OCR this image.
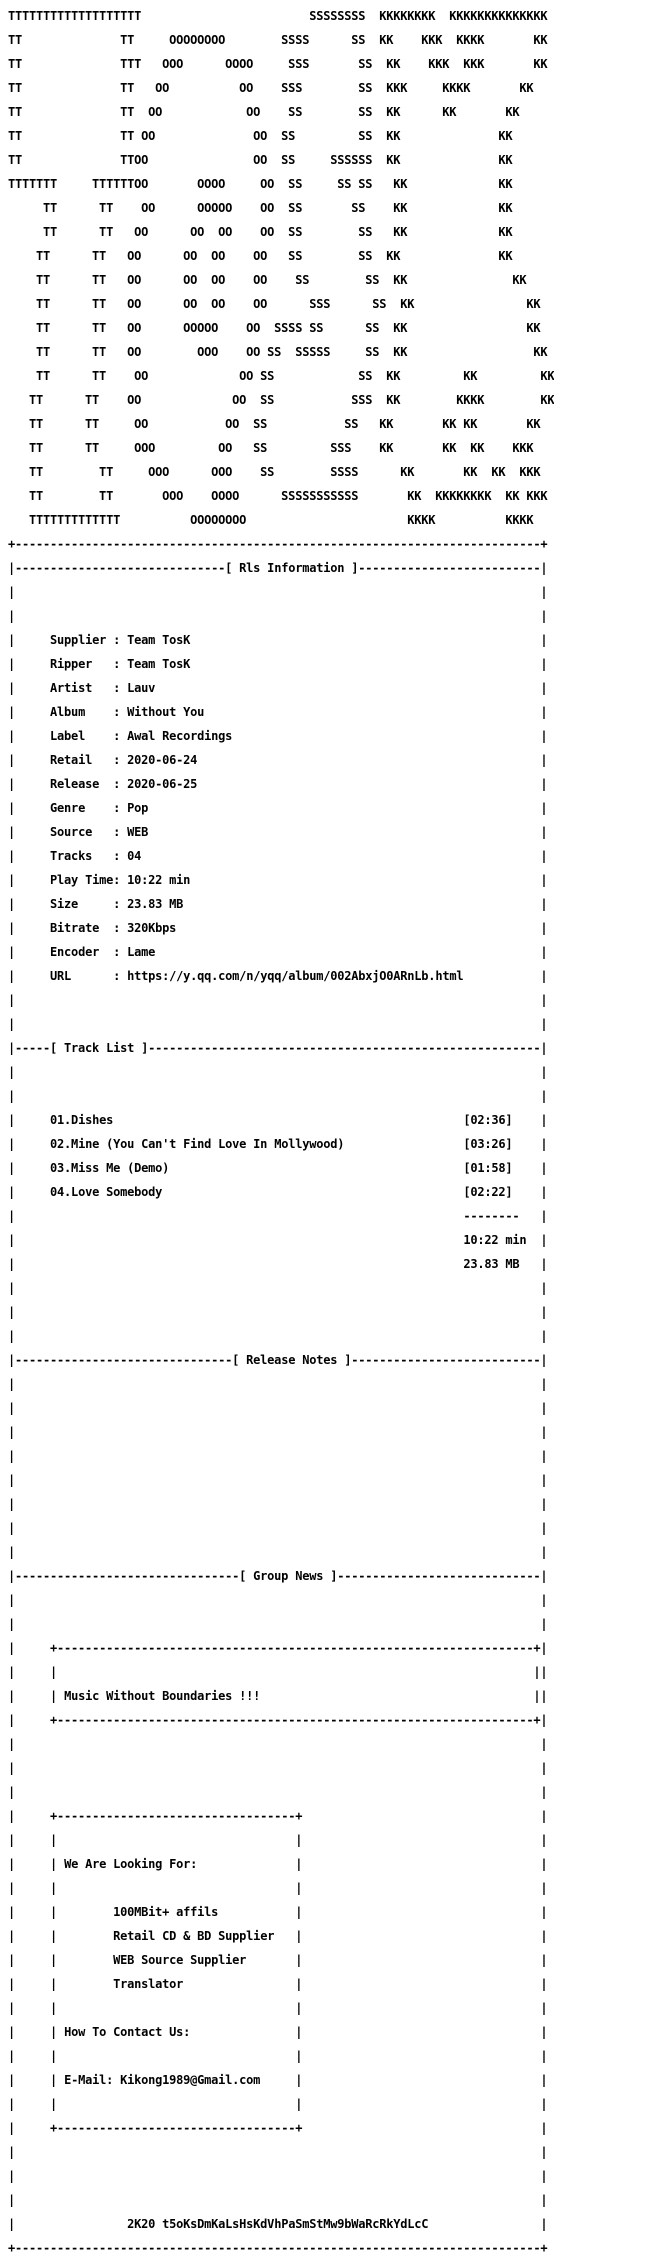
TTTTTTTTTTTTTTTTTTT                        SSSSSSSS  KKKKKKKK  KKKKKKKKKKKKKK

TT              TT     OOOOOOOO        SSSS      SS  KK    KKK  KKKK       KK

TT              TTT   OOO      OOOO     SSS       SS  KK    KKK  KKK       KK

TT              TT   OO          OO    SSS        SS  KKK     KKKK       KK

TT              TT  OO            OO    SS        SS  KK      KK       KK

TT              TT OO              OO  SS         SS  KK              KK

TT              TTOO               OO  SS     SSSSSS  KK              KK

TTTTTTT     TTTTTTOO       OOOO     OO  SS     SS SS   KK             KK

TT      TT    OO      OOOOO    OO  SS       SS    KK             KK

TT      TT   OO      OO  OO    OO  SS        SS   KK             KK

TT      TT   OO      OO  OO    OO   SS        SS  KK              KK

TT      TT   OO      OO  OO    OO    SS        SS  KK               KK

TT      TT   OO      OO  OO    OO      SSS      SS  KK                KK

TT      TT   OO      OOOOO    OO  SSSS SS      SS  KK                 KK

TT      TT   OO        OOO    OO SS  SSSSS     SS  KK                  KK

TT      TT    OO             OO SS            SS  KK         KK         KK

TT      TT    OO             OO  SS           SSS  KK        KKKK        KK

TT      TT     OO           OO  SS           SS   KK       KK KK       KK

TT      TT     OOO         OO   SS         SSS    KK       KK  KK    KKK

TT        TT     OOO      OOO    SS        SSSS      KK       KK  KK  KKK

TT        TT       OOO    OOOO      SSSSSSSSSSS       KK  KKKKKKKK  KK KKK

TTTTTTTTTTTTT          OOOOOOOO                       KKKK          KKKK

+---------------------------------------------------------------------------+

|------------------------------[ Rls Information ]--------------------------|

|                                                                           |

|                                                                           |

|	Supplier : Team TosK                                                  |

|	Ripper   : Team TosK                                                  |

|	Artist   : Lauv                                                       |

|	Album    : Without You                                                |

|	Label    : Awal Recordings                                            |

|	Retail   : 2020-06-24                                                 |

|	Release  : 2020-06-25                                                 |

|	Genre    : Pop                                                        |

|	Source   : WEB                                                        |

|	Tracks   : 04                                                         |

|	Play Time: 10:22 min                                                  |

|	Size     : 23.83 MB                                                   |

|	Bitrate  : 320Kbps                                                    |

|	Encoder  : Lame                                                       |

|	URL      : https://y.qq.com/n/yqq/album/002AbxjO0ARnLb.html           |

|                                                                           |

|                                                                           |

|-----[ Track List ]--------------------------------------------------------|

|                                                                           |

|                                                                           |

|	01.Dishes	[02:36]    |

|	02.Mine (You Can't Find Love In Mollywood)	[03:26]    |

|	03.Miss Me (Demo)	[01:58]    |

|	04.Love Somebody	[02:22]    |

|	--------   |

|	10:22 min  |

|	23.83 MB   |

|                                                                           |

|                                                                           |

|                                                                           |

|-------------------------------[ Release Notes ]---------------------------|

|                                                                           |

|                                                                           |

|                                                                           |

|                                                                           |

|                                                                           |

|                                                                           |

|                                                                           |

|                                                                           |

|--------------------------------[ Group News ]-----------------------------|

|                                                                           |

|                                                                           |

|     +--------------------------------------------------------------------+|

|     |                                                                    ||

|     | Music Without Boundaries !!!                                       ||

|     +--------------------------------------------------------------------+|

|                                                                           |

|                                                                           |

|                                                                           |

|     +----------------------------------+                                  |

|     |                                  |                                  |

|     | We Are Looking For:              |                                  |

|     |                                  |                                  |

|     |	100MBit+ affils           |                                  |

|     |	Retail CD & BD Supplier   |                                  |

|     |	WEB Source Supplier       |                                  |

|     |	Translator                |                                  |

|     |                                  |                                  |

|     | How To Contact Us:               |                                  |

|     |                                  |                                  |

|     | E-Mail: Kikong1989@Gmail.com     |                                  |

|     |                                  |                                  |

|     +----------------------------------+                                  |

|                                                                           |

|                                                                           |

|                                                                           |

|	2K20 t5oKsDmKaLsHsKdVhPaSmStMw9bWaRcRkYdLcC                |

+---------------------------------------------------------------------------+
